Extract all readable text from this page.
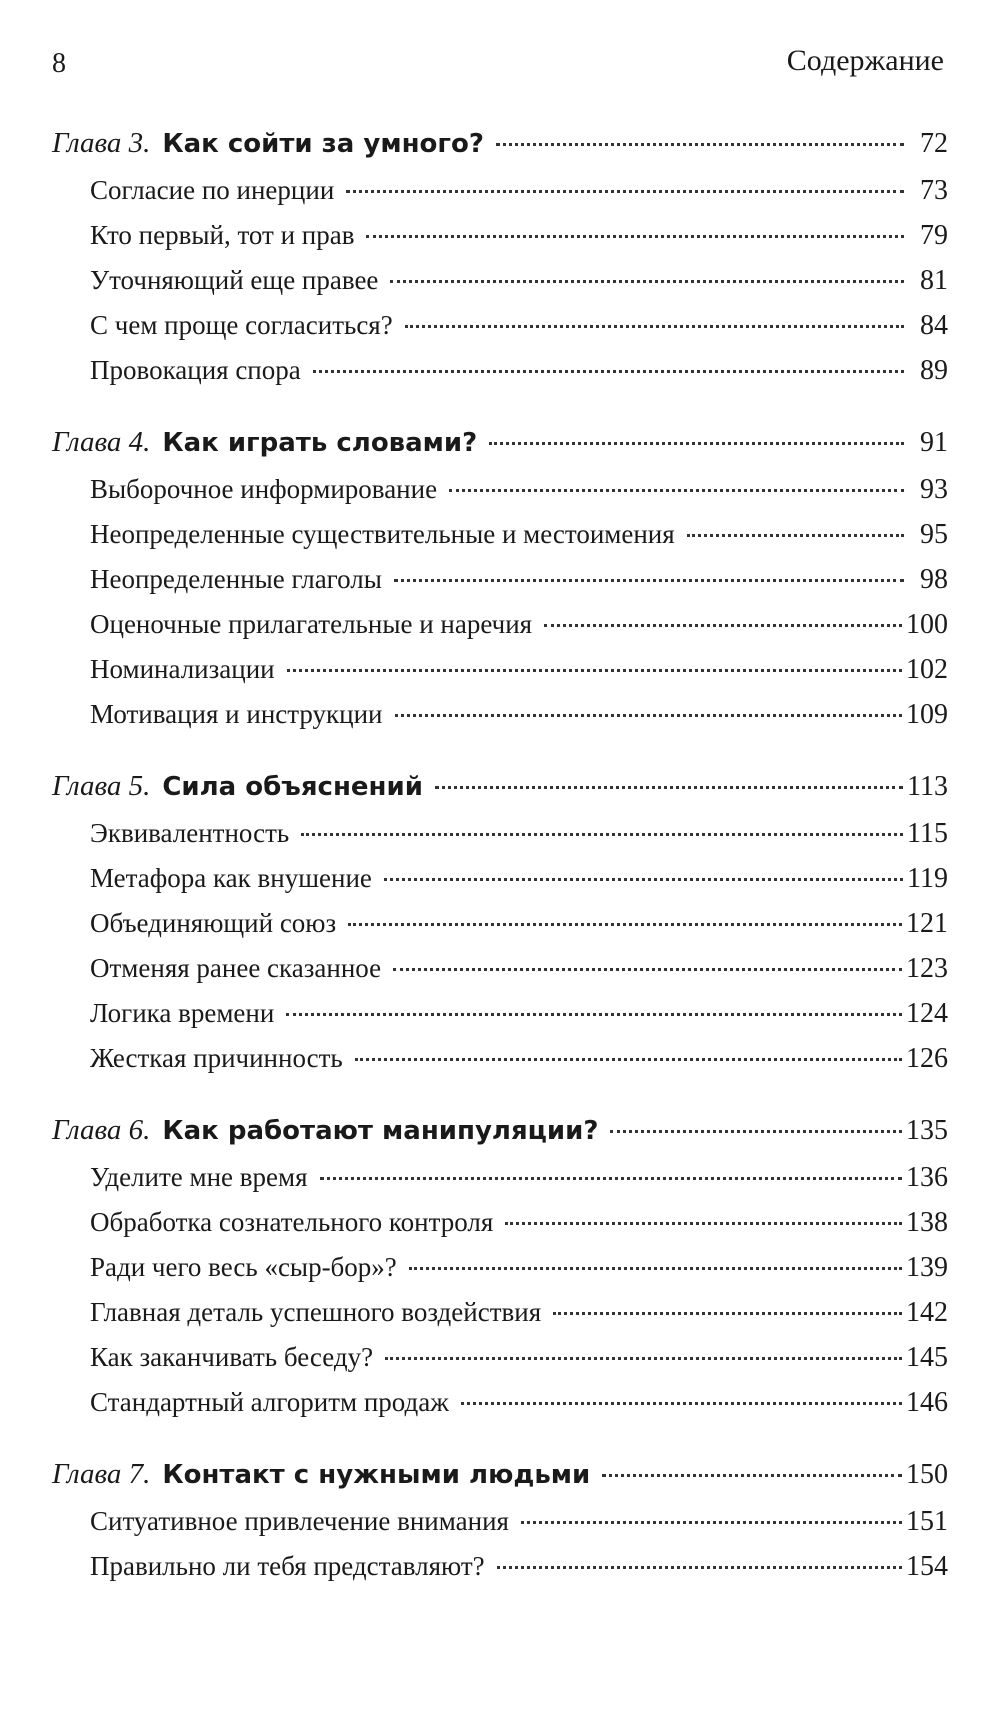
8	Содержание
Глава 3. Как сойти за умного?	72
Согласие по инерции	73
Кто первый, тот и прав	79
Уточняющий еще правее	81
С чем проще согласиться?	84
Провокация спора	89
Глава 4. Как играть словами?	91
Выборочное информирование	93
Неопределенные существительные и местоимения	95
Неопределенные глаголы	98
Оценочные прилагательные и наречия	100
Номинализации	102
Мотивация и инструкции	109
Глава 5. Сила объяснений	113
Эквивалентность	115
Метафора как внушение	119
Объединяющий союз	121
Отменяя ранее сказанное	123
Логика времени	124
Жесткая причинность	126
Глава 6. Как работают манипуляции?	135
Уделите мне время	136
Обработка сознательного контроля	138
Ради чего весь «сыр-бор»?	139
Главная деталь успешного воздействия	142
Как заканчивать беседу?	145
Стандартный алгоритм продаж	146
Глава 7. Контакт с нужными людьми	150
Ситуативное привлечение внимания	151
Правильно ли тебя представляют?	154
